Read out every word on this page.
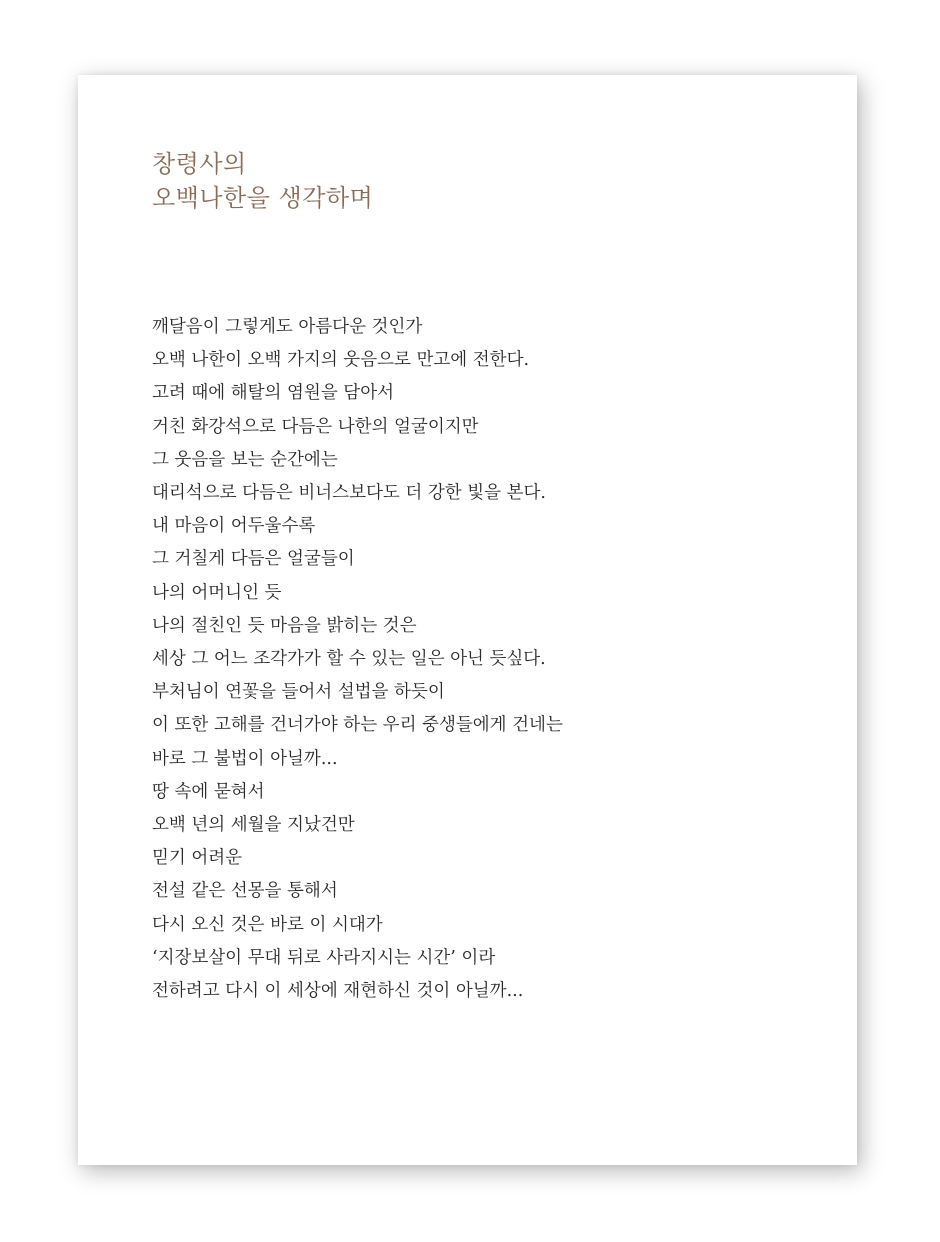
창령사의
오백나한을 생각하며
깨달음이 그렇게도 아름다운 것인가
오백 나한이 오백 가지의 웃음으로 만고에 전한다.
고려 때에 해탈의 염원을 담아서
거친 화강석으로 다듬은 나한의 얼굴이지만
그 웃음을 보는 순간에는
대리석으로 다듬은 비너스보다도 더 강한 빛을 본다.
내 마음이 어두울수록
그 거칠게 다듬은 얼굴들이
나의 어머니인 듯
나의 절친인 듯 마음을 밝히는 것은
세상 그 어느 조각가가 할 수 있는 일은 아닌 듯싶다.
부처님이 연꽃을 들어서 설법을 하듯이
이 또한 고해를 건너가야 하는 우리 중생들에게 건네는
바로 그 불법이 아닐까...
땅 속에 묻혀서
오백 년의 세월을 지났건만
믿기 어려운
전설 같은 선몽을 통해서
다시 오신 것은 바로 이 시대가
‘지장보살이 무대 뒤로 사라지시는 시간’ 이라
전하려고 다시 이 세상에 재현하신 것이 아닐까...
